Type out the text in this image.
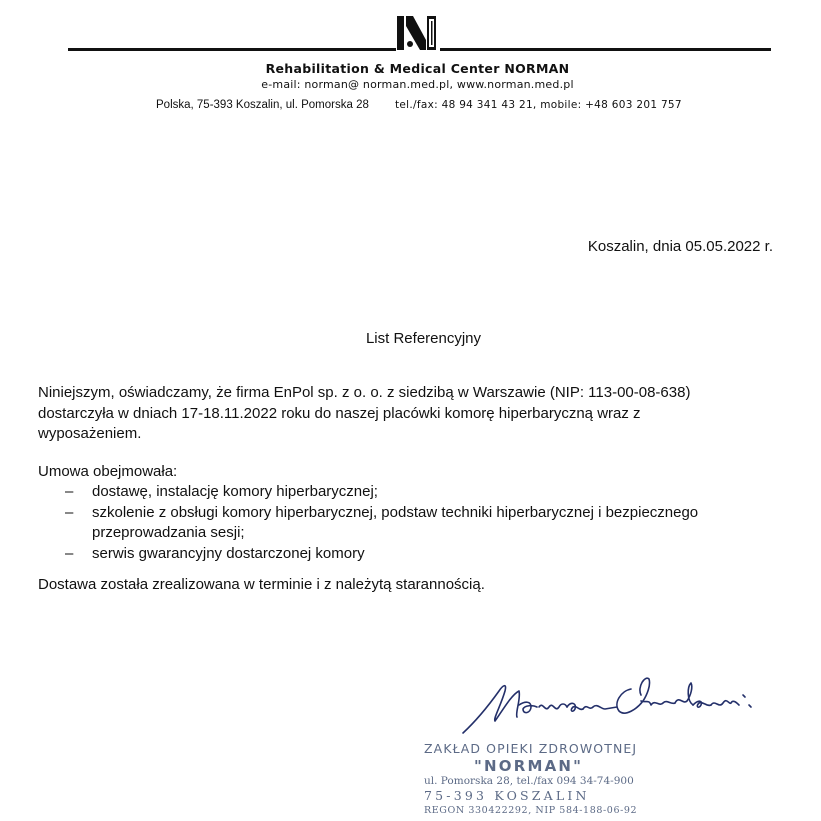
Rehabilitation & Medical Center NORMAN
e-mail: norman@ norman.med.pl, www.norman.med.pl
Polska, 75-393 Koszalin, ul. Pomorska 28 tel./fax: 48 94 341 43 21, mobile: +48 603 201 757
Koszalin, dnia 05.05.2022 r.
List Referencyjny
Niniejszym, oświadczamy, że firma EnPol sp. z o. o. z siedzibą w Warszawie (NIP: 113-00-08-638)
dostarczyła w dniach 17-18.11.2022 roku do naszej placówki komorę hiperbaryczną wraz z
wyposażeniem.
Umowa obejmowała:
– dostawę, instalację komory hiperbarycznej;
– szkolenie z obsługi komory hiperbarycznej, podstaw techniki hiperbarycznej i bezpiecznego
przeprowadzania sesji;
– serwis gwarancyjny dostarczonej komory
Dostawa została zrealizowana w terminie i z należytą starannością.
ZAKŁAD OPIEKI ZDROWOTNEJ
"NORMAN"
ul. Pomorska 28, tel./fax 094 34-74-900
75-393 KOSZALIN
REGON 330422292, NIP 584-188-06-92
